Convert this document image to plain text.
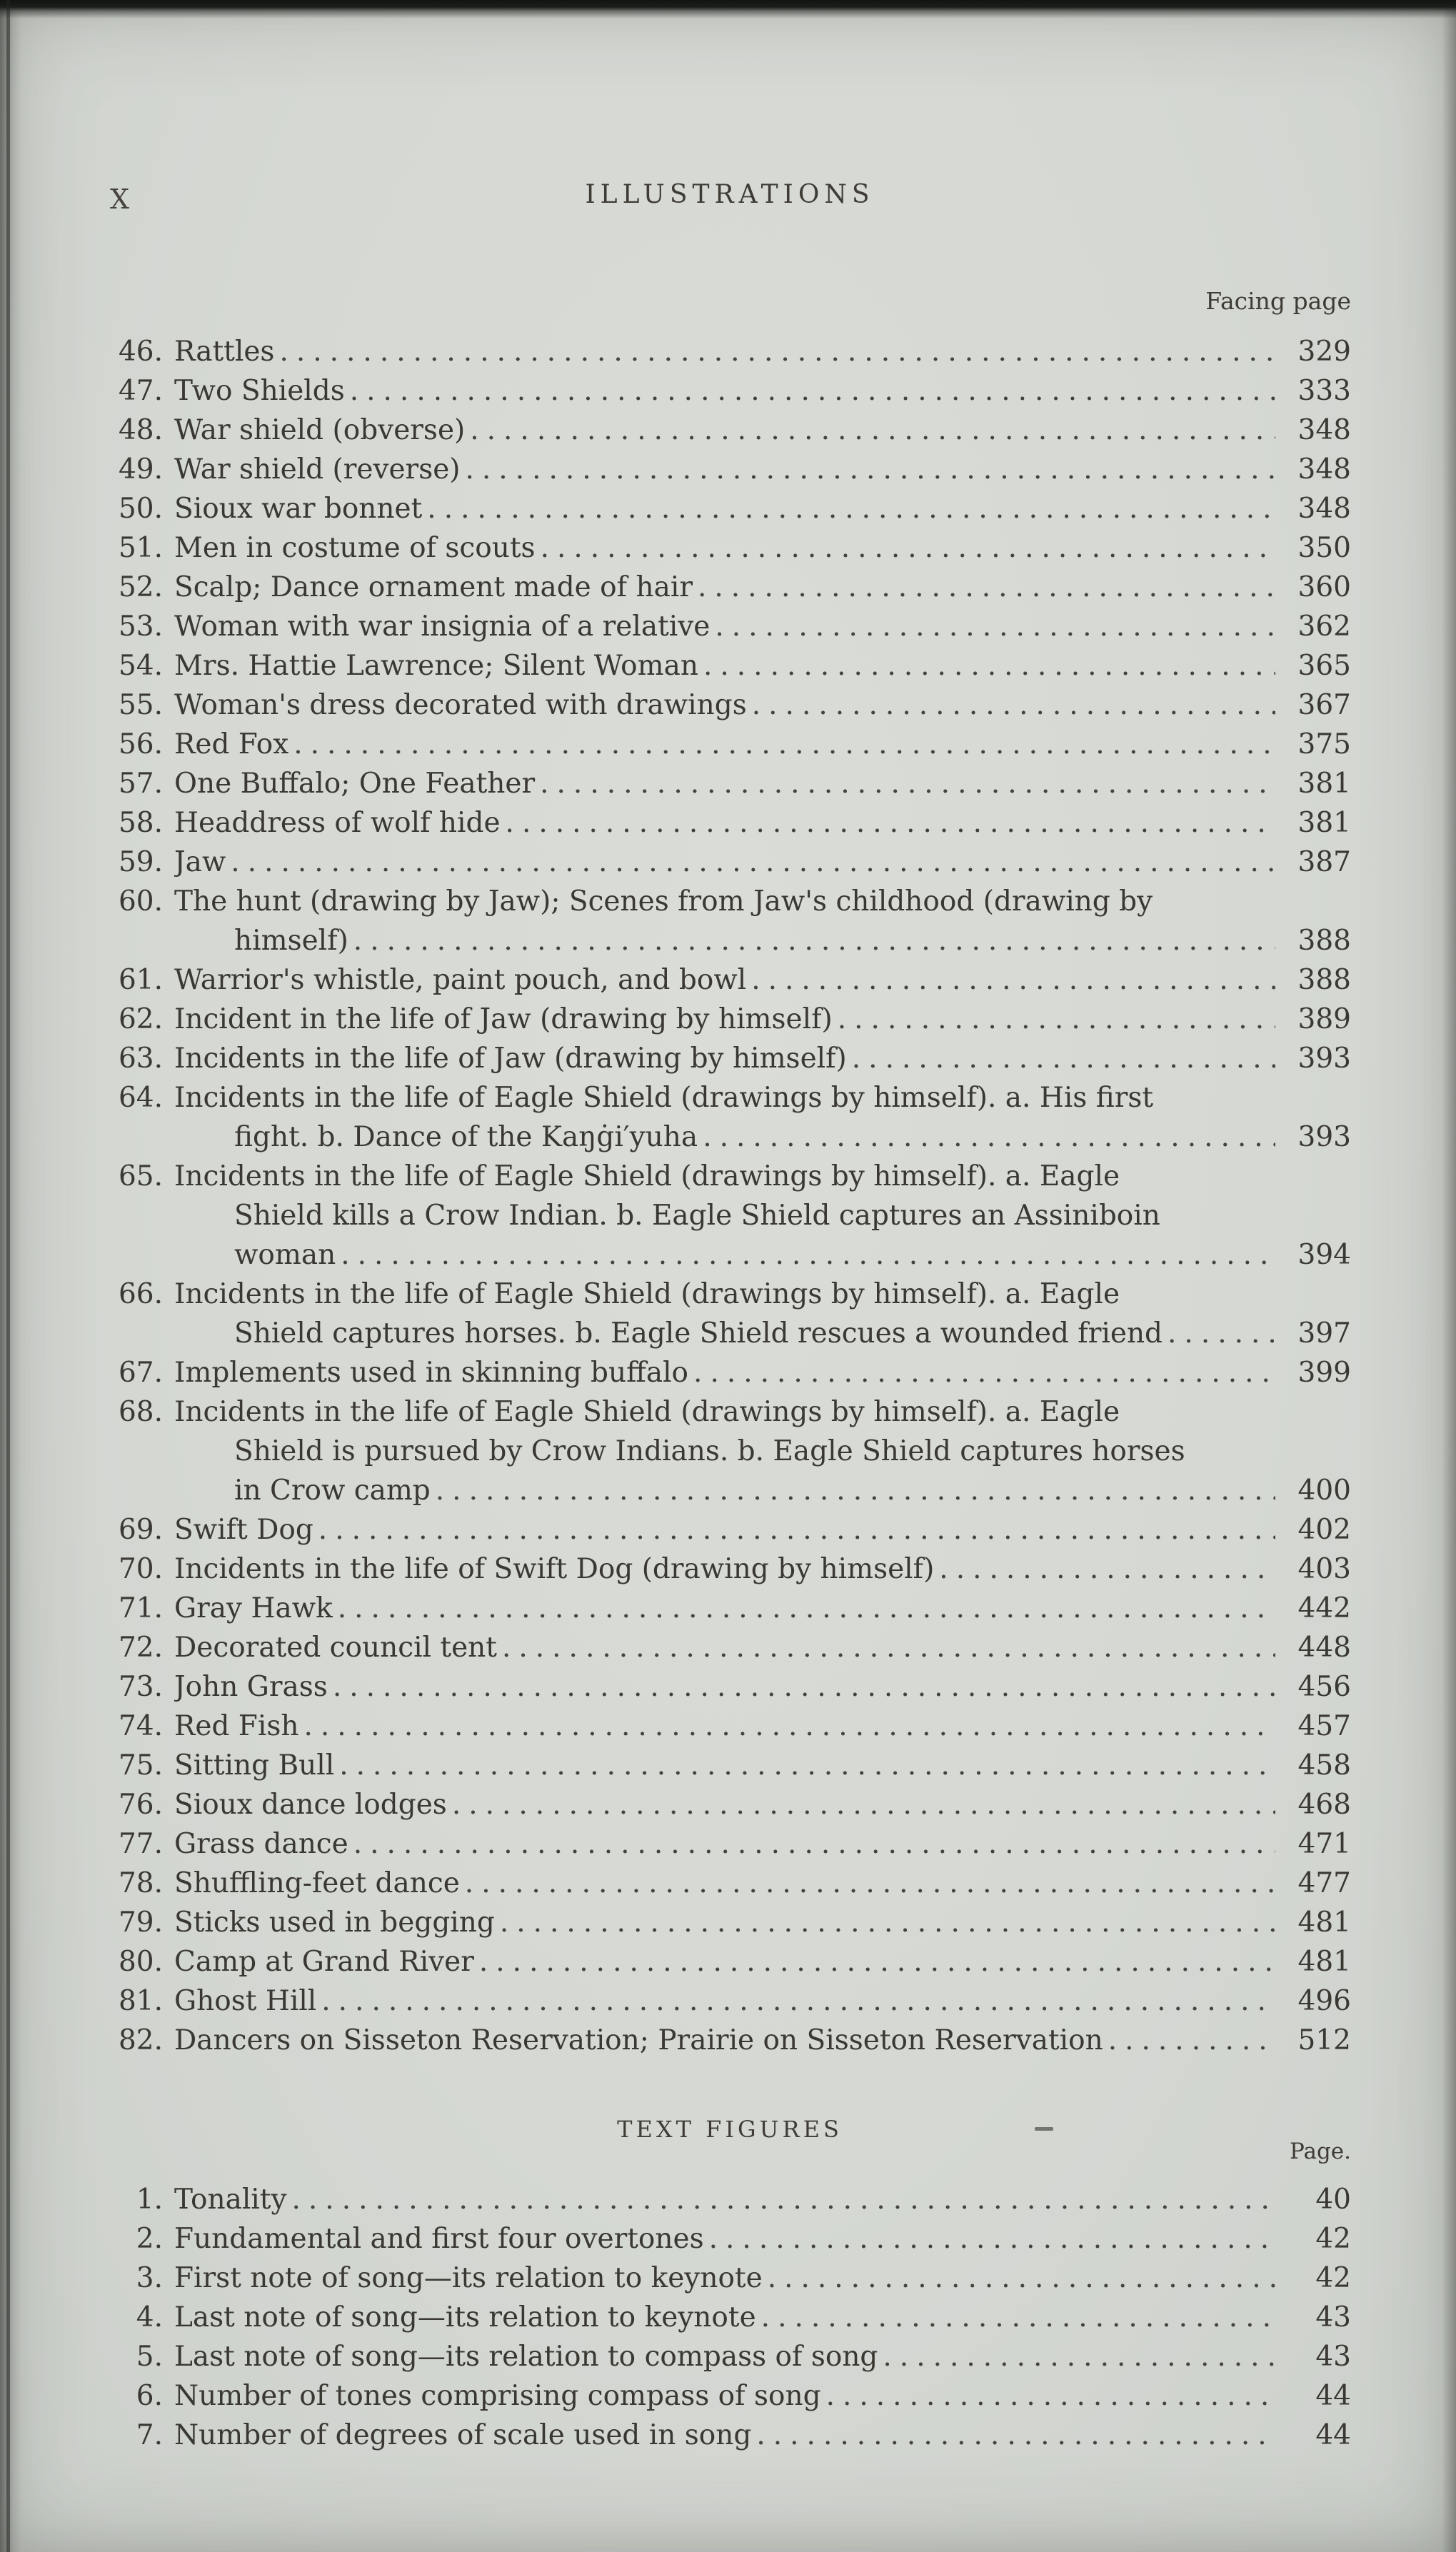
X	ILLUSTRATIONS
Facing page
46. Rattles .....	329
47. Two Shields .....	333
48. War shield (obverse) .....	348
49. War shield (reverse) .....	348
50. Sioux war bonnet .....	348
51. Men in costume of scouts .....	350
52. Scalp; Dance ornament made of hair .....	360
53. Woman with war insignia of a relative .....	362
54. Mrs. Hattie Lawrence; Silent Woman .....	365
55. Woman's dress decorated with drawings .....	367
56. Red Fox .....	375
57. One Buffalo; One Feather .....	381
58. Headdress of wolf hide .....	381
59. Jaw .....	387
60. The hunt (drawing by Jaw); Scenes from Jaw's childhood (drawing by
himself) .....	388
61. Warrior's whistle, paint pouch, and bowl .....	388
62. Incident in the life of Jaw (drawing by himself) .....	389
63. Incidents in the life of Jaw (drawing by himself) .....	393
64. Incidents in the life of Eagle Shield (drawings by himself). a. His first
fight. b. Dance of the Kaŋġi′yuha .....	393
65. Incidents in the life of Eagle Shield (drawings by himself). a. Eagle
Shield kills a Crow Indian. b. Eagle Shield captures an Assiniboin
woman .....	394
66. Incidents in the life of Eagle Shield (drawings by himself). a. Eagle
Shield captures horses. b. Eagle Shield rescues a wounded friend .....	397
67. Implements used in skinning buffalo .....	399
68. Incidents in the life of Eagle Shield (drawings by himself). a. Eagle
Shield is pursued by Crow Indians. b. Eagle Shield captures horses
in Crow camp .....	400
69. Swift Dog .....	402
70. Incidents in the life of Swift Dog (drawing by himself) .....	403
71. Gray Hawk .....	442
72. Decorated council tent .....	448
73. John Grass .....	456
74. Red Fish .....	457
75. Sitting Bull .....	458
76. Sioux dance lodges .....	468
77. Grass dance .....	471
78. Shuffling-feet dance .....	477
79. Sticks used in begging .....	481
80. Camp at Grand River .....	481
81. Ghost Hill .....	496
82. Dancers on Sisseton Reservation; Prairie on Sisseton Reservation .....	512
TEXT FIGURES
Page.
1. Tonality .....	40
2. Fundamental and first four overtones .....	42
3. First note of song—its relation to keynote .....	42
4. Last note of song—its relation to keynote .....	43
5. Last note of song—its relation to compass of song .....	43
6. Number of tones comprising compass of song .....	44
7. Number of degrees of scale used in song .....	44
